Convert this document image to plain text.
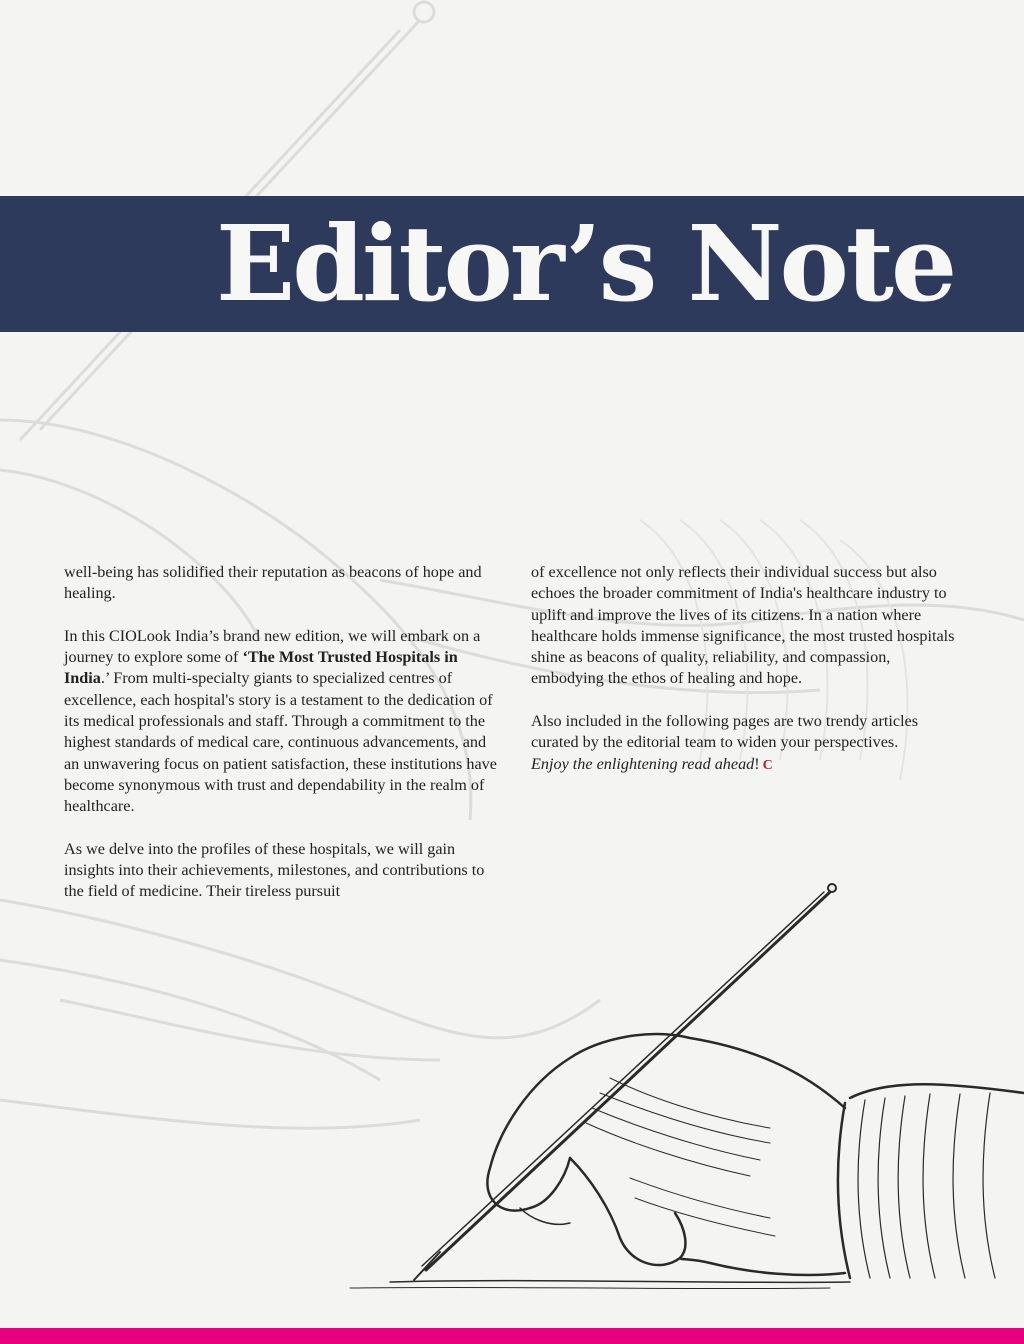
Editor’s Note

well-being has solidified their reputation as beacons of hope and healing.

In this CIOLook India’s brand new edition, we will embark on a journey to explore some of ‘The Most Trusted Hospitals in India.’ From multi-specialty giants to specialized centres of excellence, each hospital's story is a testament to the dedication of its medical professionals and staff. Through a commitment to the highest standards of medical care, continuous advancements, and an unwavering focus on patient satisfaction, these institutions have become synonymous with trust and dependability in the realm of healthcare.

As we delve into the profiles of these hospitals, we will gain insights into their achievements, milestones, and contributions to the field of medicine. Their tireless pursuit

of excellence not only reflects their individual success but also echoes the broader commitment of India's healthcare industry to uplift and improve the lives of its citizens. In a nation where healthcare holds immense significance, the most trusted hospitals shine as beacons of quality, reliability, and compassion, embodying the ethos of healing and hope.

Also included in the following pages are two trendy articles curated by the editorial team to widen your perspectives.
Enjoy the enlightening read ahead! C
